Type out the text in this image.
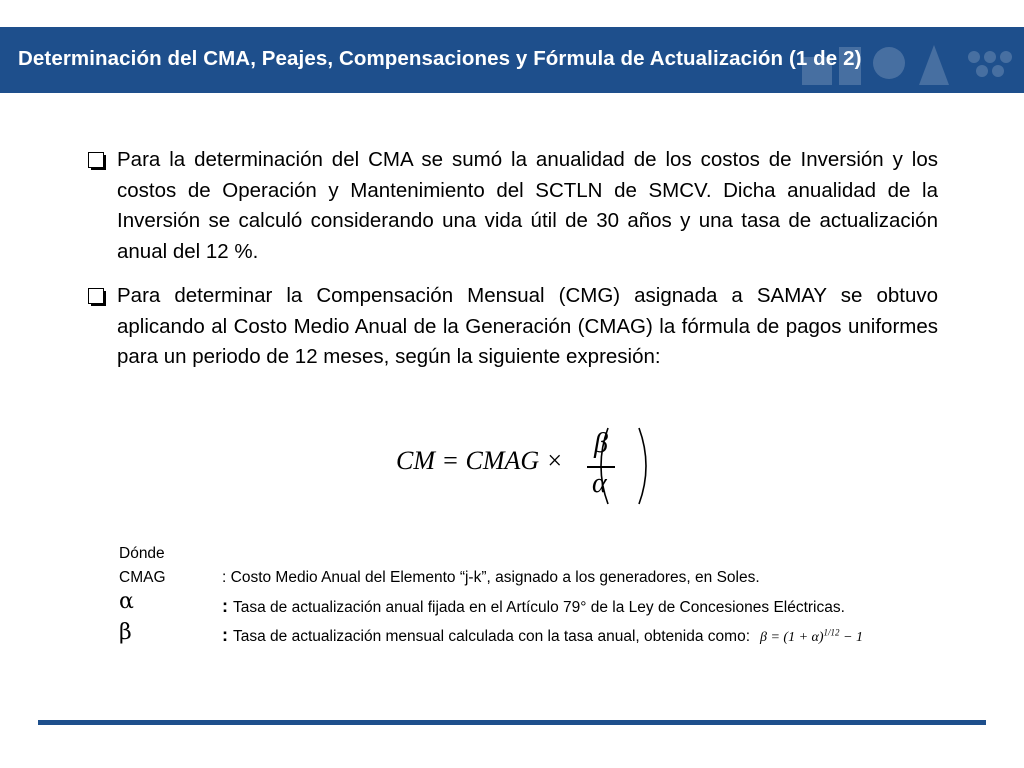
Determinación del CMA, Peajes, Compensaciones y Fórmula de Actualización (1 de 2)
Para la determinación del CMA se sumó la anualidad de los costos de Inversión y los costos de Operación y Mantenimiento del SCTLN de SMCV. Dicha anualidad de la Inversión se calculó considerando una vida útil de 30 años y una tasa de actualización anual del 12 %.
Para determinar la Compensación Mensual (CMG) asignada a SAMAY se obtuvo aplicando al Costo Medio Anual de la Generación (CMAG) la fórmula de pagos uniformes para un periodo de 12 meses, según la siguiente expresión:
CM = CMAG ×
β
α
Dónde
CMAG	: Costo Medio Anual del Elemento “j-k”, asignado a los generadores, en Soles.
α	: Tasa de actualización anual fijada en el Artículo 79° de la Ley de Concesiones Eléctricas.
β	: Tasa de actualización mensual calculada con la tasa anual, obtenida como: $\beta = (1 + \alpha)^{1/12} - 1$
